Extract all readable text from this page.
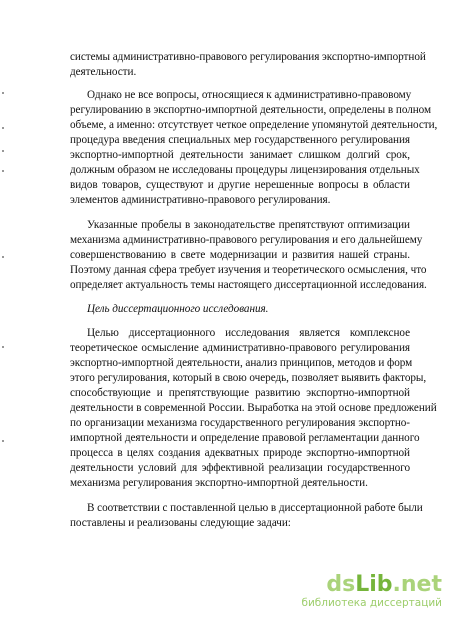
системы административно-правового регулирования экспортно-импортной
деятельности.
Однако не все вопросы, относящиеся к административно-правовому
регулированию в экспортно-импортной деятельности, определены в полном
объеме, а именно: отсутствует четкое определение упомянутой деятельности,
процедура введения специальных мер государственного регулирования
экспортно-импортной деятельности занимает слишком долгий срок,
должным образом не исследованы процедуры лицензирования отдельных
видов товаров, существуют и другие нерешенные вопросы в области
элементов административно-правового регулирования.
Указанные пробелы в законодательстве препятствуют оптимизации
механизма административно-правового регулирования и его дальнейшему
совершенствованию в свете модернизации и развития нашей страны.
Поэтому данная сфера требует изучения и теоретического осмысления, что
определяет актуальность темы настоящего диссертационной исследования.
Цель диссертационного исследования.
Целью диссертационного исследования является комплексное
теоретическое осмысление административно-правового регулирования
экспортно-импортной деятельности, анализ принципов, методов и форм
этого регулирования, который в свою очередь, позволяет выявить факторы,
способствующие и препятствующие развитию экспортно-импортной
деятельности в современной России. Выработка на этой основе предложений
по организации механизма государственного регулирования экспортно-
импортной деятельности и определение правовой регламентации данного
процесса в целях создания адекватных природе экспортно-импортной
деятельности условий для эффективной реализации государственного
механизма регулирования экспортно-импортной деятельности.
В соответствии с поставленной целью в диссертационной работе были
поставлены и реализованы следующие задачи:
dsLib.net
библиотека диссертаций
